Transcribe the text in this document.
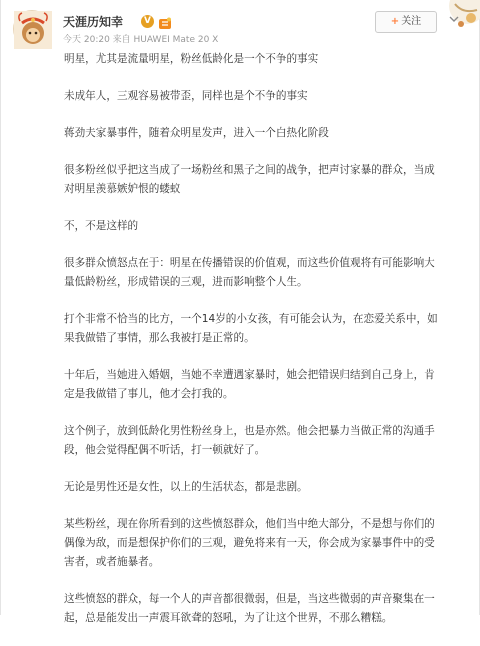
天涯历知幸	V
今天 20:20 来自 HUAWEI Mate 20 X
+ 关注

明星，尤其是流量明星，粉丝低龄化是一个不争的事实

未成年人，三观容易被带歪，同样也是个不争的事实

蒋劲夫家暴事件，随着众明星发声，进入一个白热化阶段

很多粉丝似乎把这当成了一场粉丝和黑子之间的战争，把声讨家暴的群众，当成

对明星羡慕嫉妒恨的蝼蚁

不，不是这样的

很多群众愤怒点在于：明星在传播错误的价值观，而这些价值观将有可能影响大

量低龄粉丝，形成错误的三观，进而影响整个人生。

打个非常不恰当的比方，一个14岁的小女孩，有可能会认为，在恋爱关系中，如

果我做错了事情，那么我被打是正常的。

十年后，当她进入婚姻，当她不幸遭遇家暴时，她会把错误归结到自己身上，肯

定是我做错了事儿，他才会打我的。

这个例子，放到低龄化男性粉丝身上，也是亦然。他会把暴力当做正常的沟通手

段，他会觉得配偶不听话，打一顿就好了。

无论是男性还是女性，以上的生活状态，都是悲剧。

某些粉丝，现在你所看到的这些愤怒群众，他们当中绝大部分，不是想与你们的

偶像为敌，而是想保护你们的三观，避免将来有一天，你会成为家暴事件中的受

害者，或者施暴者。

这些愤怒的群众，每一个人的声音都很微弱，但是，当这些微弱的声音聚集在一

起，总是能发出一声震耳欲聋的怒吼，为了让这个世界，不那么糟糕。
